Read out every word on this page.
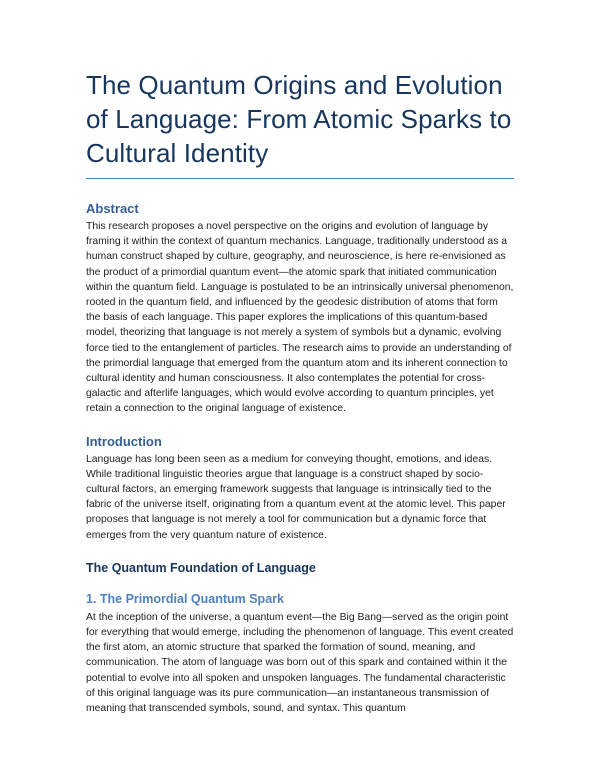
The Quantum Origins and Evolution of Language: From Atomic Sparks to Cultural Identity
Abstract

This research proposes a novel perspective on the origins and evolution of language by framing it within the context of quantum mechanics. Language, traditionally understood as a human construct shaped by culture, geography, and neuroscience, is here re-envisioned as the product of a primordial quantum event—the atomic spark that initiated communication within the quantum field. Language is postulated to be an intrinsically universal phenomenon, rooted in the quantum field, and influenced by the geodesic distribution of atoms that form the basis of each language. This paper explores the implications of this quantum-based model, theorizing that language is not merely a system of symbols but a dynamic, evolving force tied to the entanglement of particles. The research aims to provide an understanding of the primordial language that emerged from the quantum atom and its inherent connection to cultural identity and human consciousness. It also contemplates the potential for cross-galactic and afterlife languages, which would evolve according to quantum principles, yet retain a connection to the original language of existence.

Introduction

Language has long been seen as a medium for conveying thought, emotions, and ideas. While traditional linguistic theories argue that language is a construct shaped by socio-cultural factors, an emerging framework suggests that language is intrinsically tied to the fabric of the universe itself, originating from a quantum event at the atomic level. This paper proposes that language is not merely a tool for communication but a dynamic force that emerges from the very quantum nature of existence.

The Quantum Foundation of Language
1. The Primordial Quantum Spark

At the inception of the universe, a quantum event—the Big Bang—served as the origin point for everything that would emerge, including the phenomenon of language. This event created the first atom, an atomic structure that sparked the formation of sound, meaning, and communication. The atom of language was born out of this spark and contained within it the potential to evolve into all spoken and unspoken languages. The fundamental characteristic of this original language was its pure communication—an instantaneous transmission of meaning that transcended symbols, sound, and syntax. This quantum
